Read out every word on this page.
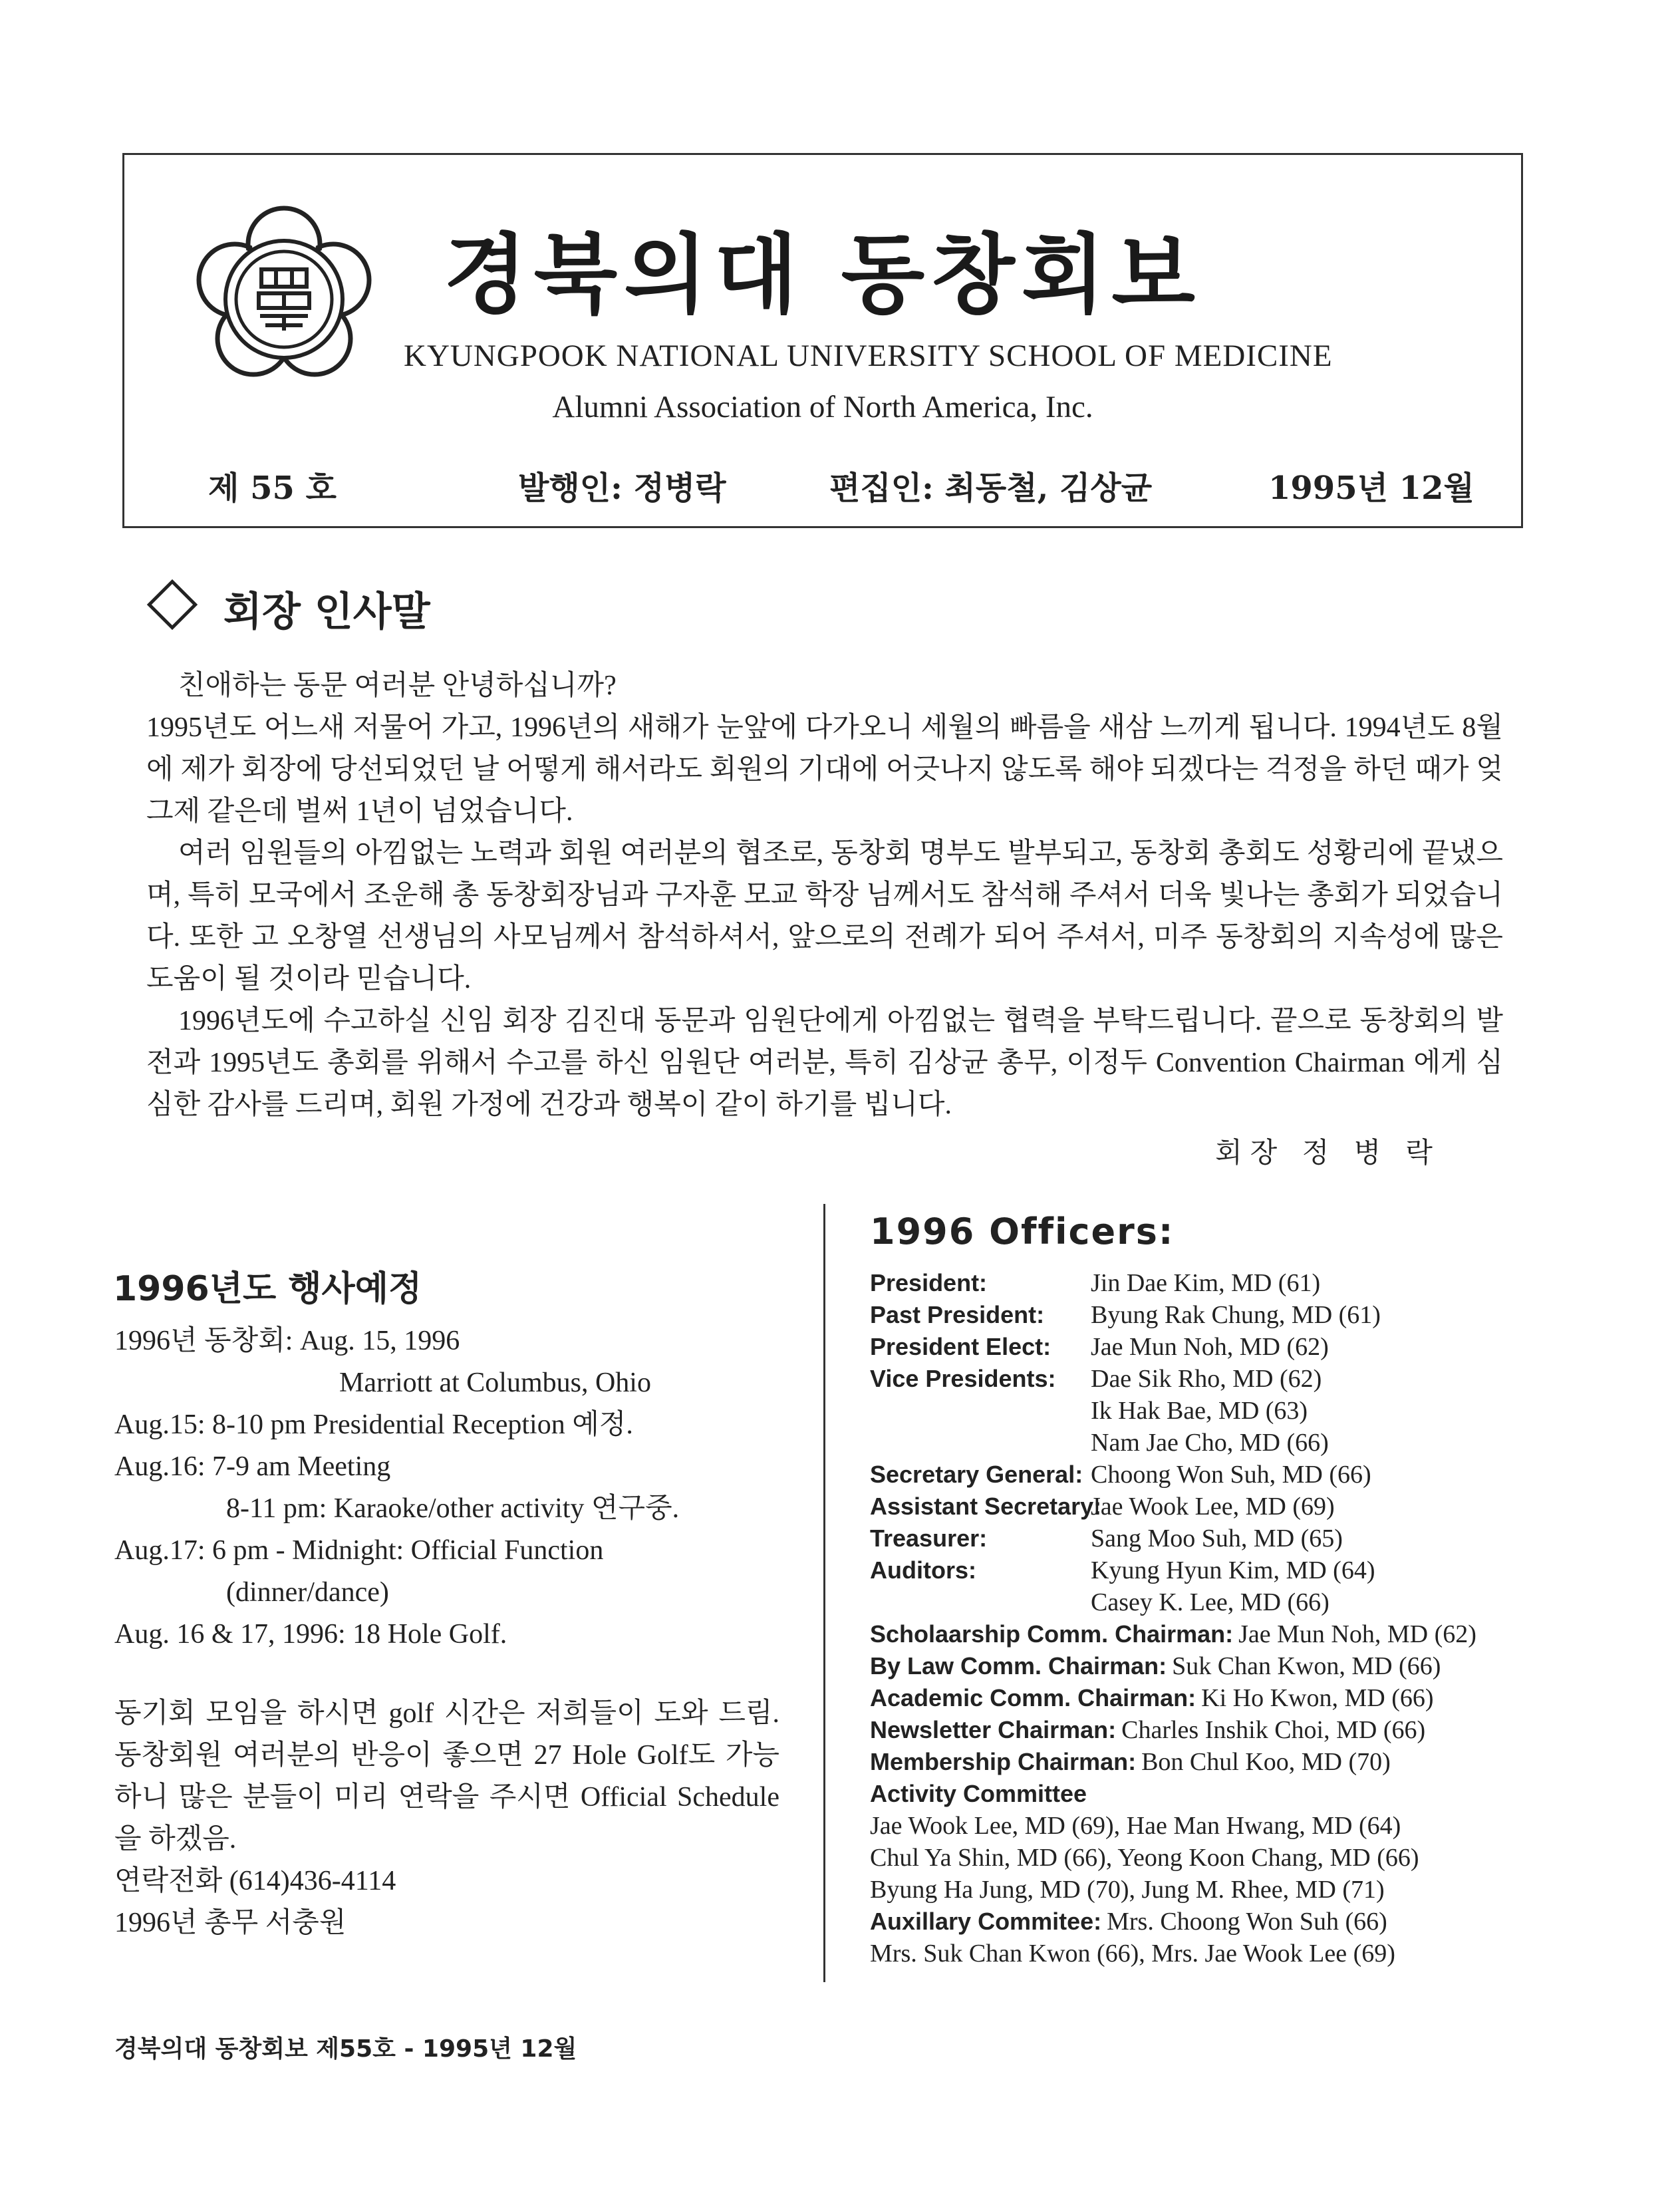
경북의대 동창회보
KYUNGPOOK NATIONAL UNIVERSITY SCHOOL OF MEDICINE
Alumni Association of North America, Inc.
제 55 호	발행인: 정병락	편집인: 최동철, 김상균	1995년 12월
회장 인사말

친애하는 동문 여러분 안녕하십니까?

1995년도 어느새 저물어 가고, 1996년의 새해가 눈앞에 다가오니 세월의 빠름을 새삼 느끼게 됩니다. 1994년도 8월에 제가 회장에 당선되었던 날 어떻게 해서라도 회원의 기대에 어긋나지 않도록 해야 되겠다는 걱정을 하던 때가 엊그제 같은데 벌써 1년이 넘었습니다.

여러 임원들의 아낌없는 노력과 회원 여러분의 협조로, 동창회 명부도 발부되고, 동창회 총회도 성황리에 끝냈으며, 특히 모국에서 조운해 총 동창회장님과 구자훈 모교 학장 님께서도 참석해 주셔서 더욱 빛나는 총회가 되었습니다. 또한 고 오창열 선생님의 사모님께서 참석하셔서, 앞으로의 전례가 되어 주셔서, 미주 동창회의 지속성에 많은 도움이 될 것이라 믿습니다.

1996년도에 수고하실 신임 회장 김진대 동문과 임원단에게 아낌없는 협력을 부탁드립니다. 끝으로 동창회의 발전과 1995년도 총회를 위해서 수고를 하신 임원단 여러분, 특히 김상균 총무, 이정두 Convention Chairman 에게 심심한 감사를 드리며, 회원 가정에 건강과 행복이 같이 하기를 빕니다.

회장 정 병 락
1996년도 행사예정
1996년 동창회: Aug. 15, 1996
Marriott at Columbus, Ohio
Aug.15: 8-10 pm Presidential Reception 예정.
Aug.16: 7-9 am Meeting
8-11 pm: Karaoke/other activity 연구중.
Aug.17: 6 pm - Midnight: Official Function
(dinner/dance)
Aug. 16 & 17, 1996: 18 Hole Golf.
동기회 모임을 하시면 golf 시간은 저희들이 도와 드림. 동창회원 여러분의 반응이 좋으면 27 Hole Golf도 가능하니 많은 분들이 미리 연락을 주시면 Official Schedule을 하겠음.
연락전화 (614)436-4114
1996년 총무 서충원
1996 Officers:
President:	Jin Dae Kim, MD (61)
Past President:	Byung Rak Chung, MD (61)
President Elect:	Jae Mun Noh, MD (62)
Vice Presidents:	Dae Sik Rho, MD (62)
Ik Hak Bae, MD (63)
Nam Jae Cho, MD (66)
Secretary General: Choong Won Suh, MD (66)
Assistant Secretary:
Jae Wook Lee, MD (69)
Treasurer:	Sang Moo Suh, MD (65)
Auditors:	Kyung Hyun Kim, MD (64)
Casey K. Lee, MD (66)
Scholaarship Comm. Chairman: Jae Mun Noh, MD (62)
By Law Comm. Chairman: Suk Chan Kwon, MD (66)
Academic Comm. Chairman: Ki Ho Kwon, MD (66)
Newsletter Chairman: Charles Inshik Choi, MD (66)
Membership Chairman: Bon Chul Koo, MD (70)
Activity Committee
Jae Wook Lee, MD (69), Hae Man Hwang, MD (64)
Chul Ya Shin, MD (66), Yeong Koon Chang, MD (66)
Byung Ha Jung, MD (70), Jung M. Rhee, MD (71)
Auxillary Commitee: Mrs. Choong Won Suh (66)
Mrs. Suk Chan Kwon (66), Mrs. Jae Wook Lee (69)
경북의대 동창회보 제55호 - 1995년 12월
